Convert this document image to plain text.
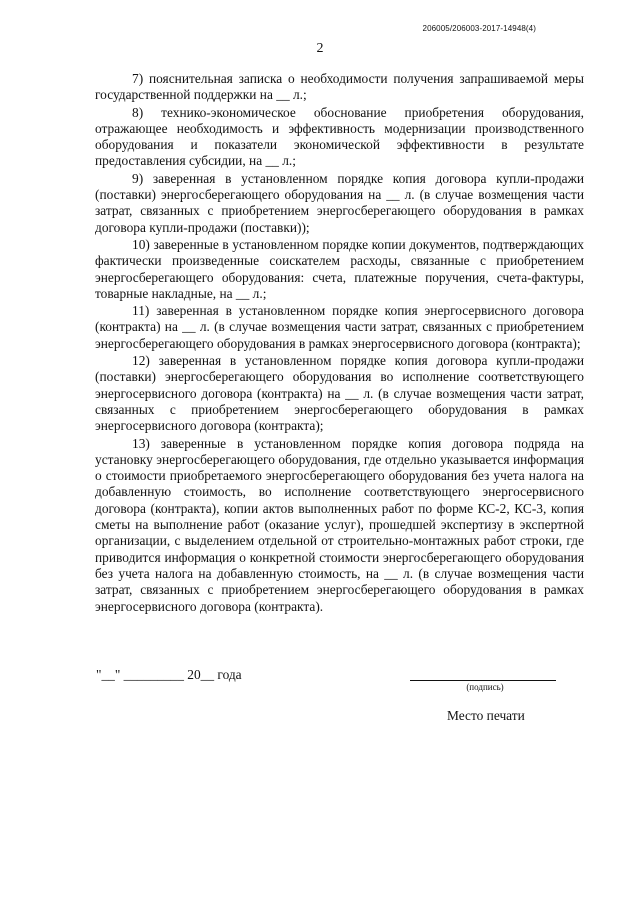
206005/206003-2017-14948(4)
2

7) пояснительная записка о необходимости получения запрашиваемой меры государственной поддержки на __ л.;

8) технико-экономическое обоснование приобретения оборудования, отражающее необходимость и эффективность модернизации производственного оборудования и показатели экономической эффективности в результате предоставления субсидии, на __ л.;

9) заверенная в установленном порядке копия договора купли-продажи (поставки) энергосберегающего оборудования на __ л. (в случае возмещения части затрат, связанных с приобретением энергосберегающего оборудования в рамках договора купли-продажи (поставки));

10) заверенные в установленном порядке копии документов, подтверждающих фактически произведенные соискателем расходы, связанные с приобретением энергосберегающего оборудования: счета, платежные поручения, счета-фактуры, товарные накладные, на __ л.;

11) заверенная в установленном порядке копия энергосервисного договора (контракта) на __ л. (в случае возмещения части затрат, связанных с приобретением энергосберегающего оборудования в рамках энергосервисного договора (контракта);

12) заверенная в установленном порядке копия договора купли-продажи (поставки) энергосберегающего оборудования во исполнение соответствующего энергосервисного договора (контракта) на __ л. (в случае возмещения части затрат, связанных с приобретением энергосберегающего оборудования в рамках энергосервисного договора (контракта);

13) заверенные в установленном порядке копия договора подряда на установку энергосберегающего оборудования, где отдельно указывается информация о стоимости приобретаемого энергосберегающего оборудования без учета налога на добавленную стоимость, во исполнение соответствующего энергосервисного договора (контракта), копии актов выполненных работ по форме КС-2, КС-3, копия сметы на выполнение работ (оказание услуг), прошедшей экспертизу в экспертной организации, с выделением отдельной от строительно-монтажных работ строки, где приводится информация о конкретной стоимости энергосберегающего оборудования без учета налога на добавленную стоимость, на __ л. (в случае возмещения части затрат, связанных с приобретением энергосберегающего оборудования в рамках энергосервисного договора (контракта).

"__" _________ 20__ года
(подпись)
Место печати
